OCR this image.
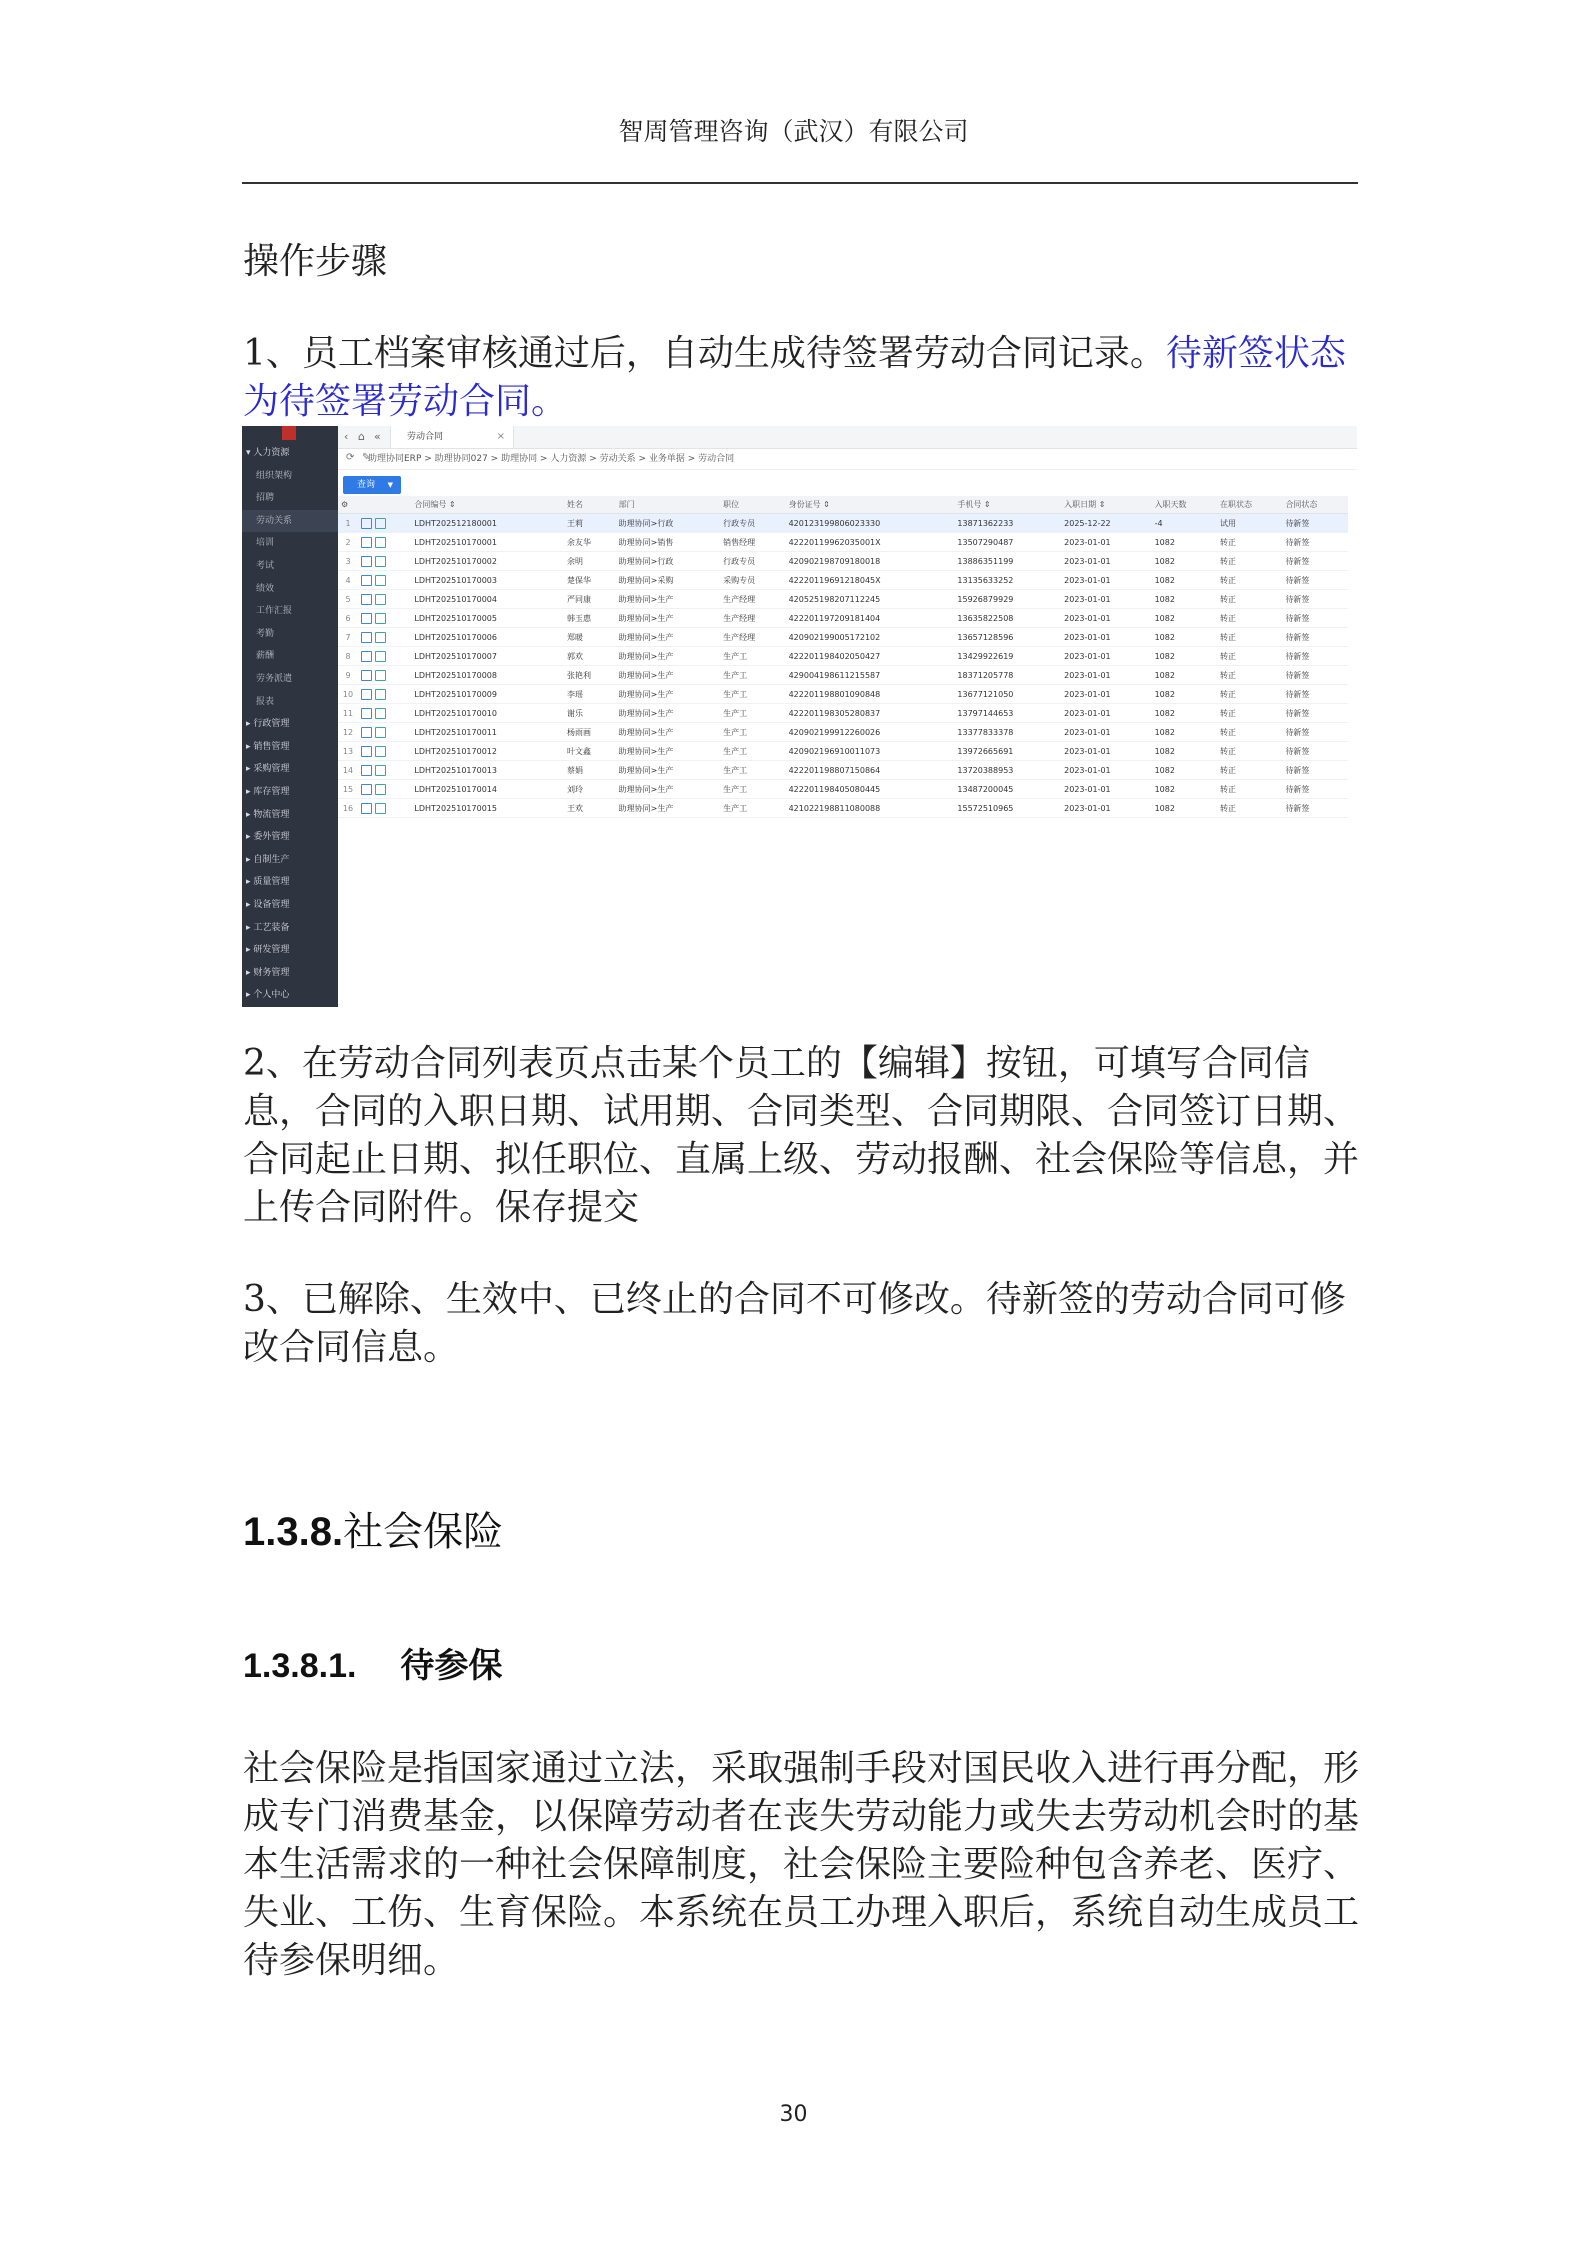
智周管理咨询（武汉）有限公司
操作步骤
1、员工档案审核通过后，自动生成待签署劳动合同记录。待新签状态为待签署劳动合同。
▾ 人力资源
组织架构
招聘
劳动关系
培训
考试
绩效
工作汇报
考勤
薪酬
劳务派遣
报表
▸ 行政管理
▸ 销售管理
▸ 采购管理
▸ 库存管理
▸ 物流管理
▸ 委外管理
▸ 自制生产
▸ 质量管理
▸ 设备管理
▸ 工艺装备
▸ 研发管理
▸ 财务管理
▸ 个人中心
‹ ⌂ «	劳动合同	×
⟳ ✎
助理协同ERP > 助理协同027 > 助理协同 > 人力资源 > 劳动关系 > 业务单据 > 劳动合同
查询 ▼
⚙		合同编号 ⇕	姓名	部门	职位	身份证号 ⇕	手机号 ⇕	入职日期 ⇕	入职天数	在职状态	合同状态
1		LDHT202512180001	王莉	助理协同>行政	行政专员	420123199806023330	13871362233	2025-12-22	-4	试用	待新签
2		LDHT202510170001	余友华	助理协同>销售	销售经理	42220119962035001X	13507290487	2023-01-01	1082	转正	待新签
3		LDHT202510170002	余明	助理协同>行政	行政专员	420902198709180018	13886351199	2023-01-01	1082	转正	待新签
4		LDHT202510170003	楚保华	助理协同>采购	采购专员	42220119691218045X	13135633252	2023-01-01	1082	转正	待新签
5		LDHT202510170004	严同康	助理协同>生产	生产经理	420525198207112245	15926879929	2023-01-01	1082	转正	待新签
6		LDHT202510170005	韩玉惠	助理协同>生产	生产经理	422201197209181404	13635822508	2023-01-01	1082	转正	待新签
7		LDHT202510170006	郑暖	助理协同>生产	生产经理	420902199005172102	13657128596	2023-01-01	1082	转正	待新签
8		LDHT202510170007	郭欢	助理协同>生产	生产工	422201198402050427	13429922619	2023-01-01	1082	转正	待新签
9		LDHT202510170008	张艳利	助理协同>生产	生产工	429004198611215587	18371205778	2023-01-01	1082	转正	待新签
10		LDHT202510170009	李瑶	助理协同>生产	生产工	422201198801090848	13677121050	2023-01-01	1082	转正	待新签
11		LDHT202510170010	谢乐	助理协同>生产	生产工	422201198305280837	13797144653	2023-01-01	1082	转正	待新签
12		LDHT202510170011	杨雨画	助理协同>生产	生产工	420902199912260026	13377833378	2023-01-01	1082	转正	待新签
13		LDHT202510170012	叶文鑫	助理协同>生产	生产工	420902196910011073	13972665691	2023-01-01	1082	转正	待新签
14		LDHT202510170013	蔡娟	助理协同>生产	生产工	422201198807150864	13720388953	2023-01-01	1082	转正	待新签
15		LDHT202510170014	刘玲	助理协同>生产	生产工	422201198405080445	13487200045	2023-01-01	1082	转正	待新签
16		LDHT202510170015	王欢	助理协同>生产	生产工	421022198811080088	15572510965	2023-01-01	1082	转正	待新签
2、在劳动合同列表页点击某个员工的【编辑】按钮，可填写合同信息，合同的入职日期、试用期、合同类型、合同期限、合同签订日期、合同起止日期、拟任职位、直属上级、劳动报酬、社会保险等信息，并上传合同附件。保存提交
3、已解除、生效中、已终止的合同不可修改。待新签的劳动合同可修改合同信息。
1.3.8.社会保险
1.3.8.1. 待参保
社会保险是指国家通过立法，采取强制手段对国民收入进行再分配，形成专门消费基金，以保障劳动者在丧失劳动能力或失去劳动机会时的基本生活需求的一种社会保障制度，社会保险主要险种包含养老、医疗、失业、工伤、生育保险。本系统在员工办理入职后，系统自动生成员工待参保明细。
30
